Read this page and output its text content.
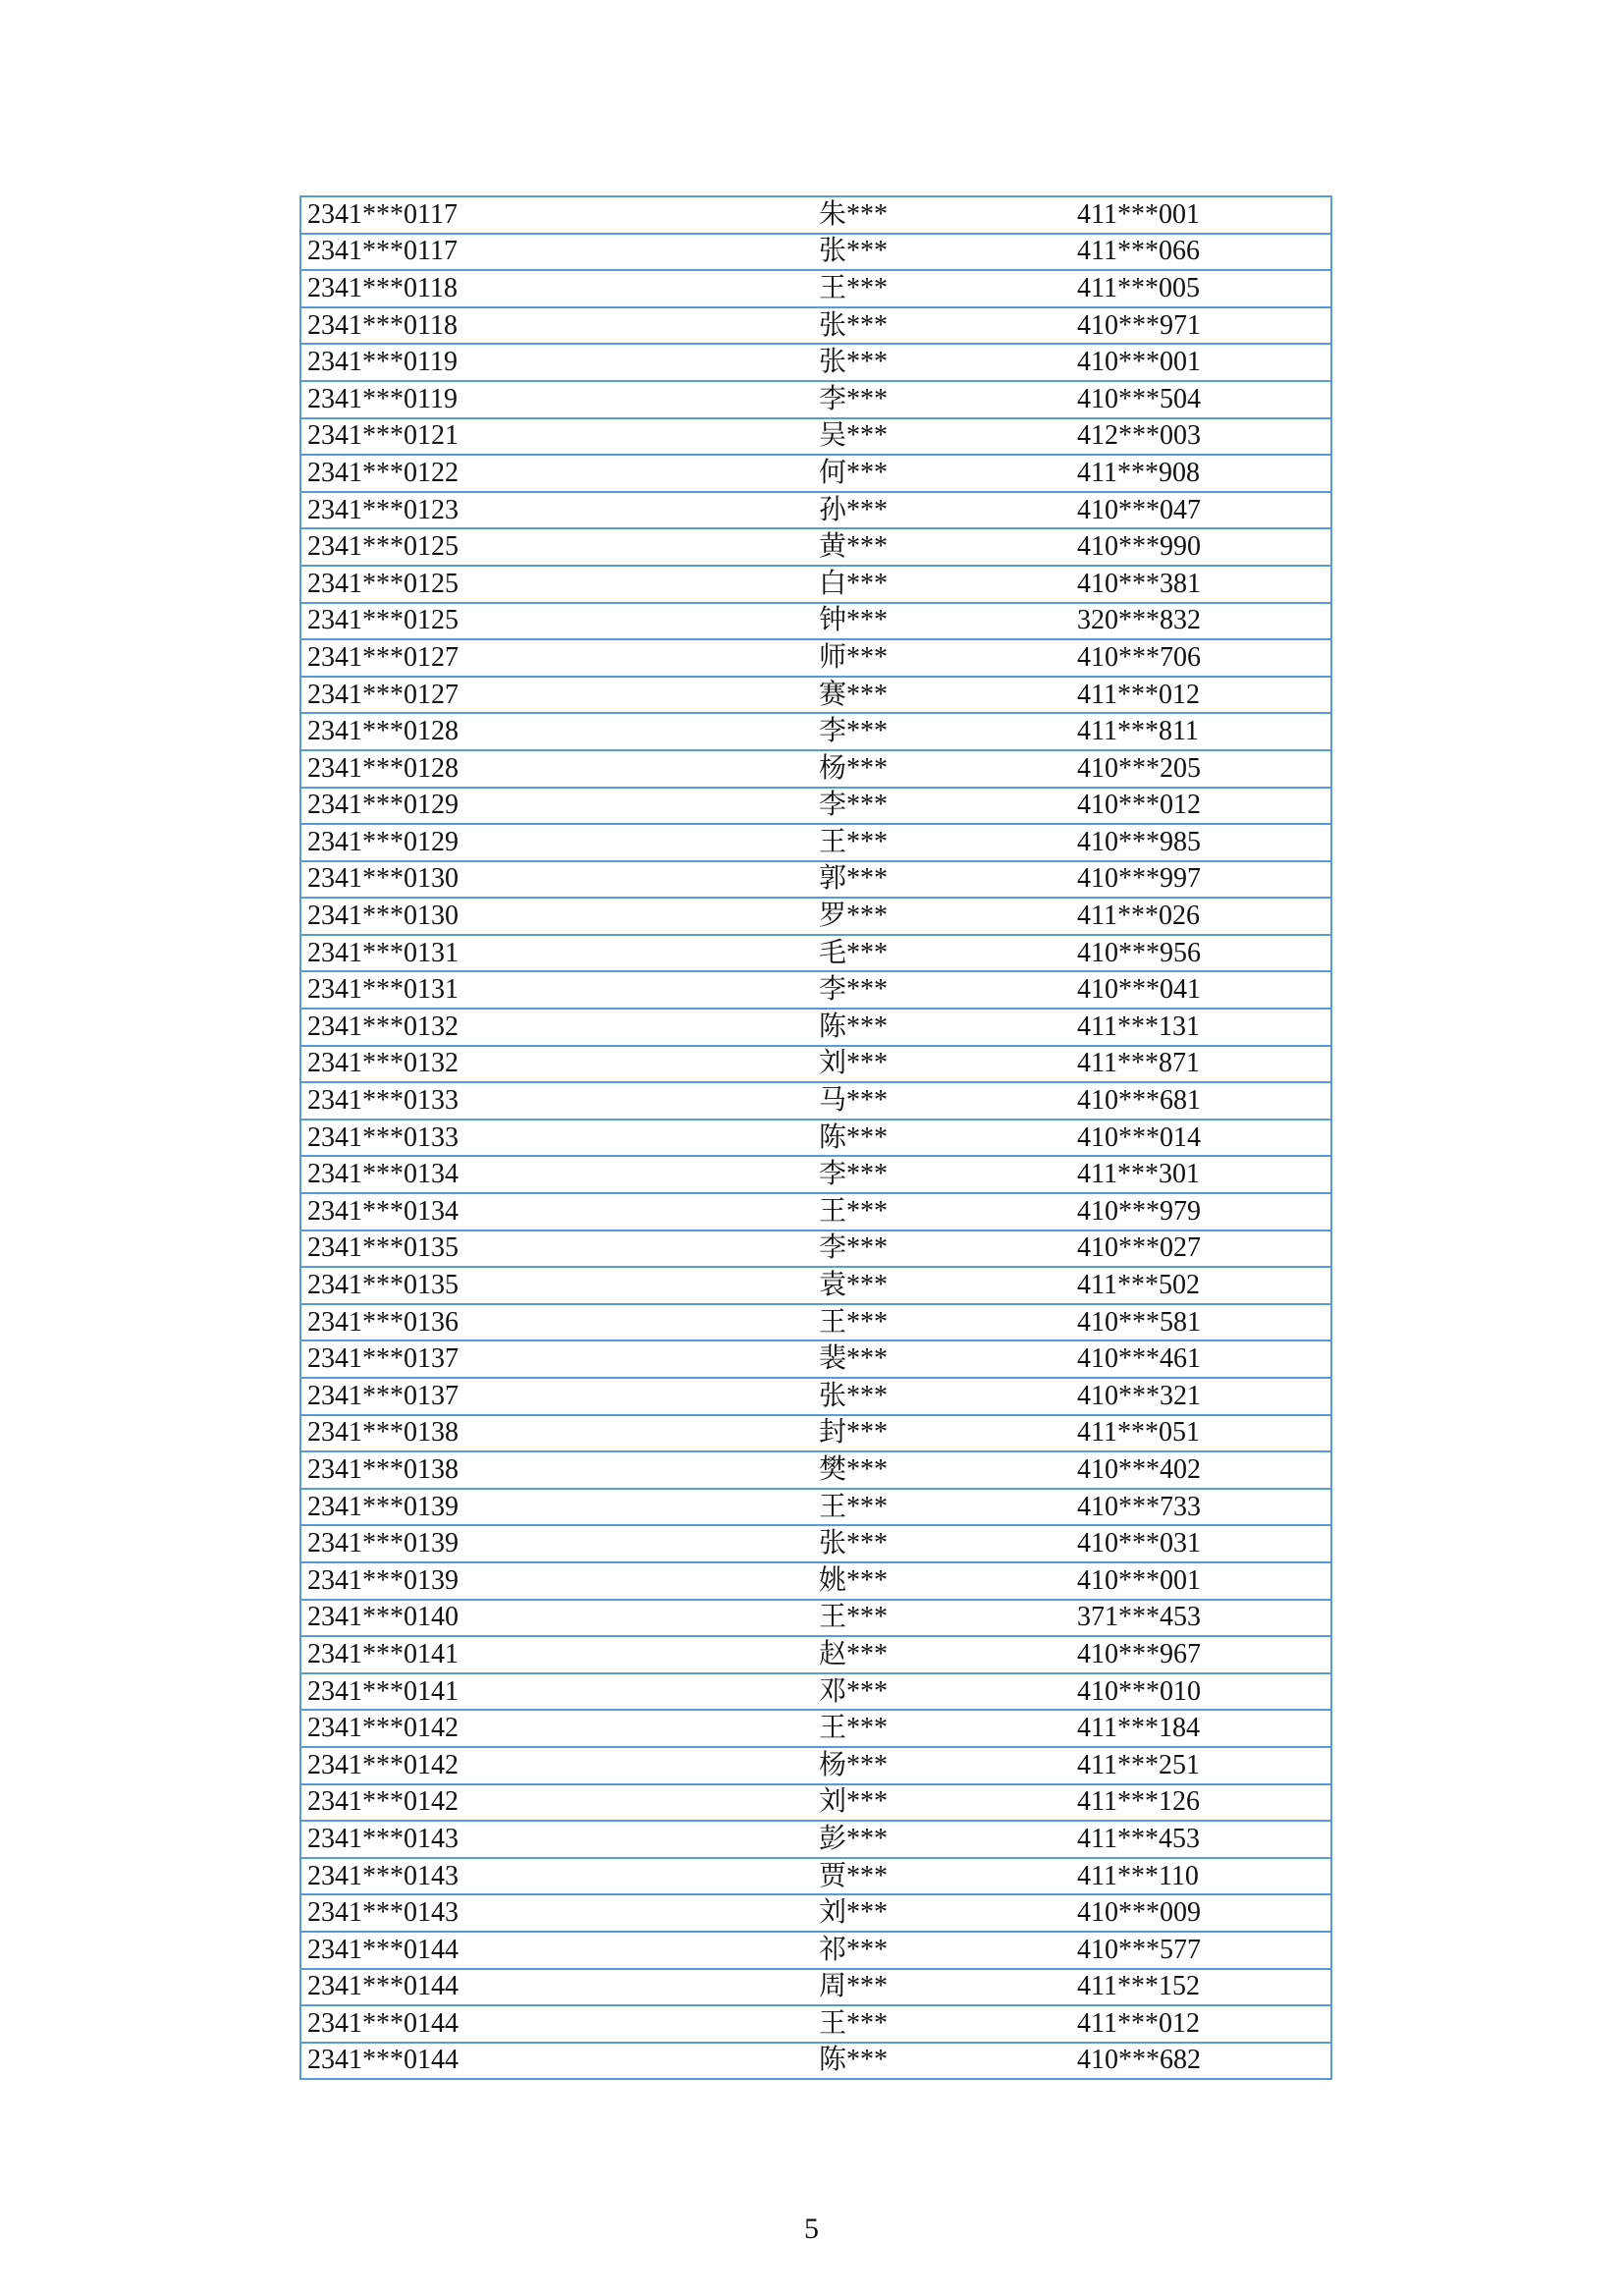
2341***0117	朱***	411***001	
2341***0117	张***	411***066	
2341***0118	王***	411***005	
2341***0118	张***	410***971	
2341***0119	张***	410***001	
2341***0119	李***	410***504	
2341***0121	吴***	412***003	
2341***0122	何***	411***908	
2341***0123	孙***	410***047	
2341***0125	黄***	410***990	
2341***0125	白***	410***381	
2341***0125	钟***	320***832	
2341***0127	师***	410***706	
2341***0127	赛***	411***012	
2341***0128	李***	411***811	
2341***0128	杨***	410***205	
2341***0129	李***	410***012	
2341***0129	王***	410***985	
2341***0130	郭***	410***997	
2341***0130	罗***	411***026	
2341***0131	毛***	410***956	
2341***0131	李***	410***041	
2341***0132	陈***	411***131	
2341***0132	刘***	411***871	
2341***0133	马***	410***681	
2341***0133	陈***	410***014	
2341***0134	李***	411***301	
2341***0134	王***	410***979	
2341***0135	李***	410***027	
2341***0135	袁***	411***502	
2341***0136	王***	410***581	
2341***0137	裴***	410***461	
2341***0137	张***	410***321	
2341***0138	封***	411***051	
2341***0138	樊***	410***402	
2341***0139	王***	410***733	
2341***0139	张***	410***031	
2341***0139	姚***	410***001	
2341***0140	王***	371***453	
2341***0141	赵***	410***967	
2341***0141	邓***	410***010	
2341***0142	王***	411***184	
2341***0142	杨***	411***251	
2341***0142	刘***	411***126	
2341***0143	彭***	411***453	
2341***0143	贾***	411***110	
2341***0143	刘***	410***009	
2341***0144	祁***	410***577	
2341***0144	周***	411***152	
2341***0144	王***	411***012	
2341***0144	陈***	410***682	
5
